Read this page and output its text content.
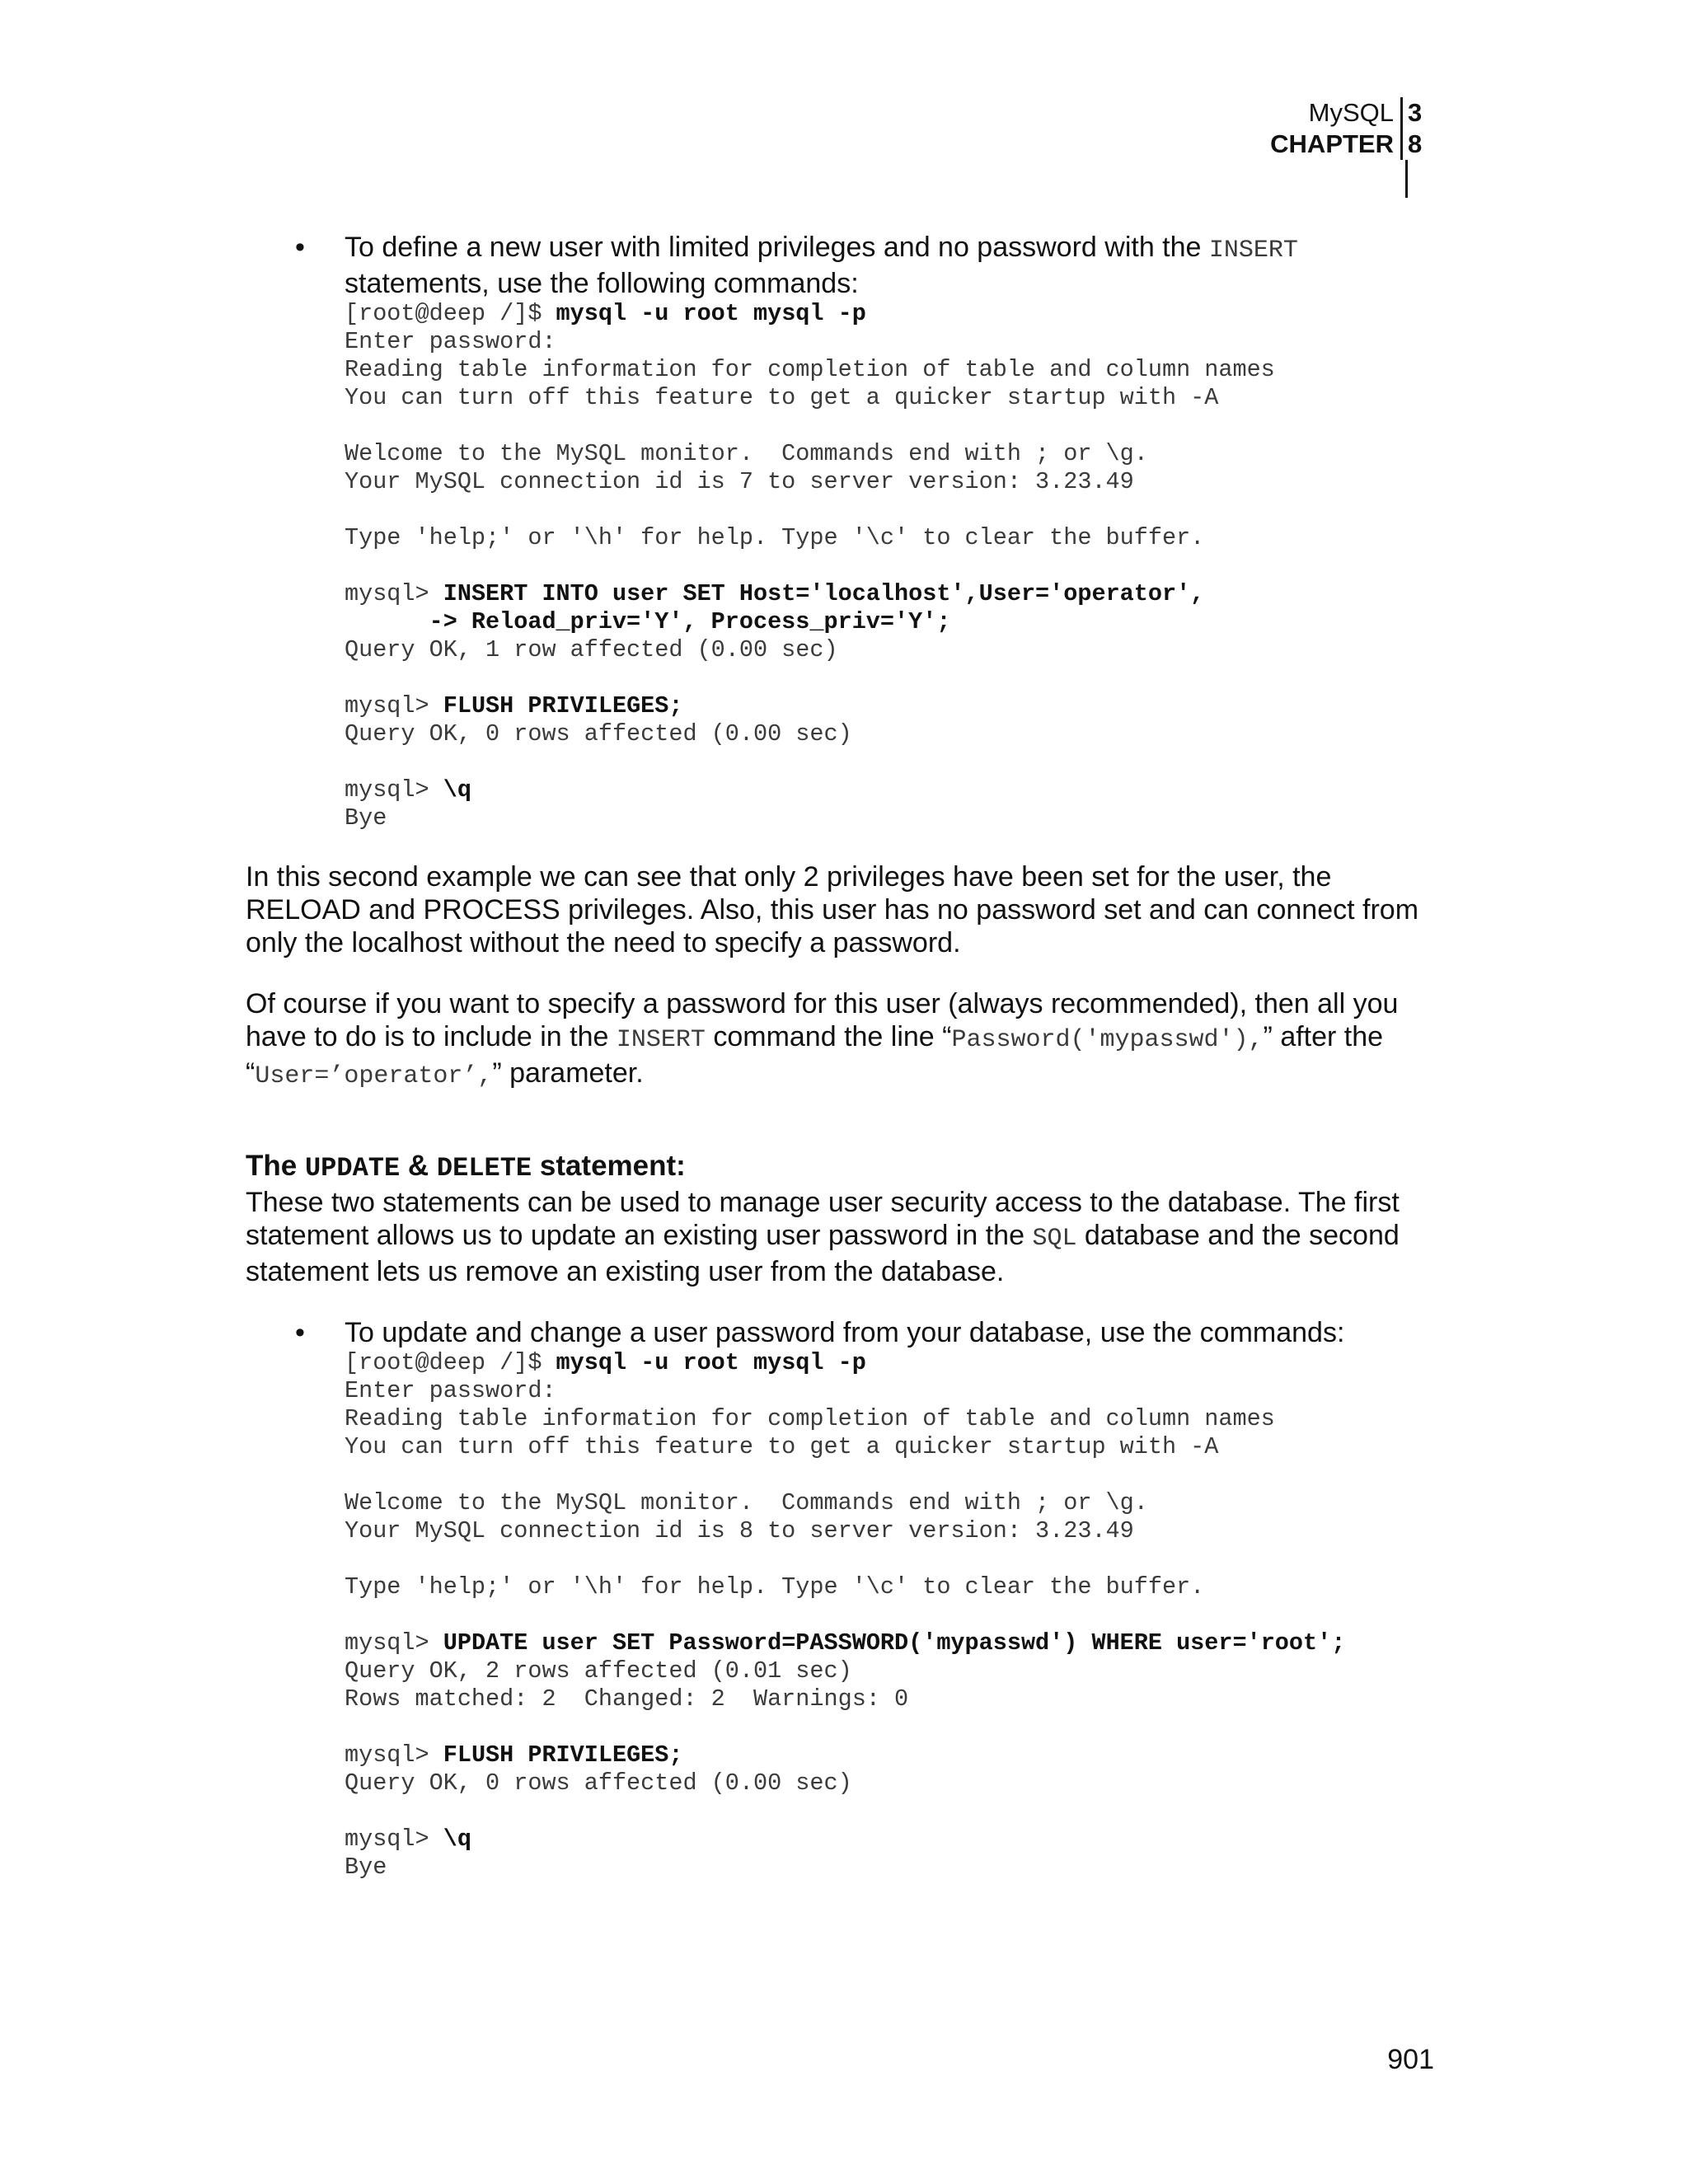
MySQL 3
CHAPTER 8
• To define a new user with limited privileges and no password with the INSERT
statements, use the following commands:

[root@deep /]$ mysql -u root mysql -p
Enter password:
Reading table information for completion of table and column names
You can turn off this feature to get a quicker startup with -A

Welcome to the MySQL monitor.  Commands end with ; or \g.
Your MySQL connection id is 7 to server version: 3.23.49

Type 'help;' or '\h' for help. Type '\c' to clear the buffer.

mysql> INSERT INTO user SET Host='localhost',User='operator',
-> Reload_priv='Y', Process_priv='Y';
Query OK, 1 row affected (0.00 sec)

mysql> FLUSH PRIVILEGES;
Query OK, 0 rows affected (0.00 sec)

mysql> \q
Bye

In this second example we can see that only 2 privileges have been set for the user, the RELOAD and PROCESS privileges. Also, this user has no password set and can connect from only the localhost without the need to specify a password.

Of course if you want to specify a password for this user (always recommended), then all you have to do is to include in the INSERT command the line “Password('mypasswd'),” after the “User=’operator’,” parameter.

The UPDATE & DELETE statement:

These two statements can be used to manage user security access to the database. The first statement allows us to update an existing user password in the SQL database and the second statement lets us remove an existing user from the database.

• To update and change a user password from your database, use the commands:

[root@deep /]$ mysql -u root mysql -p
Enter password:
Reading table information for completion of table and column names
You can turn off this feature to get a quicker startup with -A

Welcome to the MySQL monitor.  Commands end with ; or \g.
Your MySQL connection id is 8 to server version: 3.23.49

Type 'help;' or '\h' for help. Type '\c' to clear the buffer.

mysql> UPDATE user SET Password=PASSWORD('mypasswd') WHERE user='root';
Query OK, 2 rows affected (0.01 sec)
Rows matched: 2  Changed: 2  Warnings: 0

mysql> FLUSH PRIVILEGES;
Query OK, 0 rows affected (0.00 sec)

mysql> \q
Bye
901
